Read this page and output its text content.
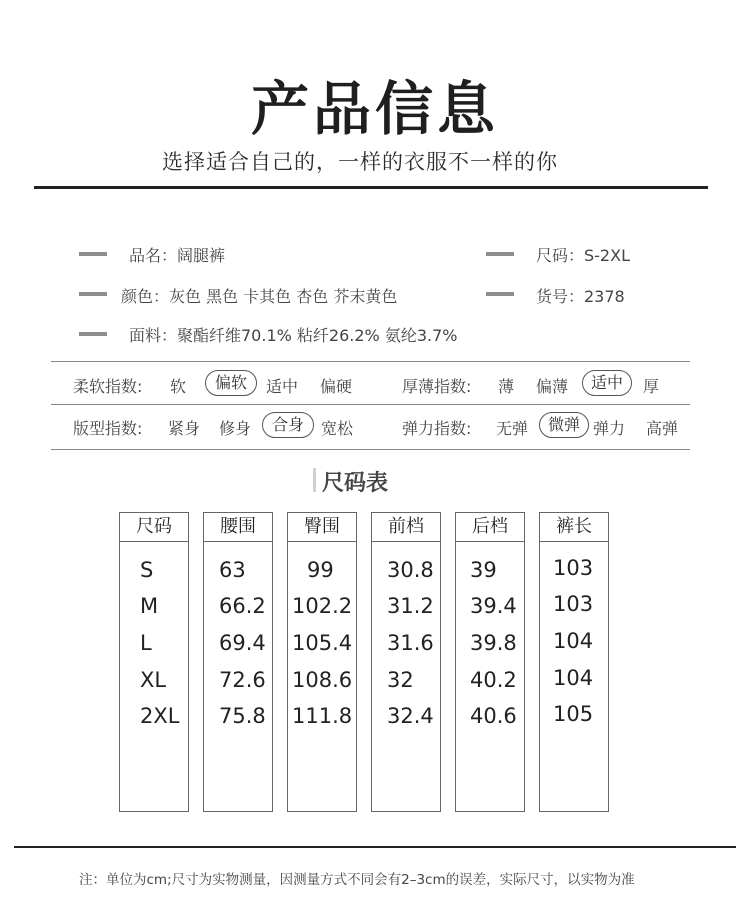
产品信息
选择适合自己的，一样的衣服不一样的你
品名：阔腿裤	尺码：S-2XL
颜色：灰色 黑色 卡其色 杏色 芥末黄色	货号：2378
面料：聚酯纤维70.1% 粘纤26.2% 氨纶3.7%
柔软指数: 软	偏软	适中 偏硬	厚薄指数: 薄 偏薄	适中	厚
版型指数: 紧身 修身	合身	宽松	弹力指数: 无弹	微弹 弹力 高弹
尺码表
尺码	腰围	臀围	前档	后档	裤长
S	63	99	30.8 39	103
M	66.2 102.2 31.2 39.4 103
L	69.4 105.4 31.6 39.8 104
XL	72.6 108.6 32	40.2 104
2XL 75.8 111.8 32.4 40.6 105
注：单位为cm;尺寸为实物测量，因测量方式不同会有2–3cm的误差，实际尺寸，以实物为准
